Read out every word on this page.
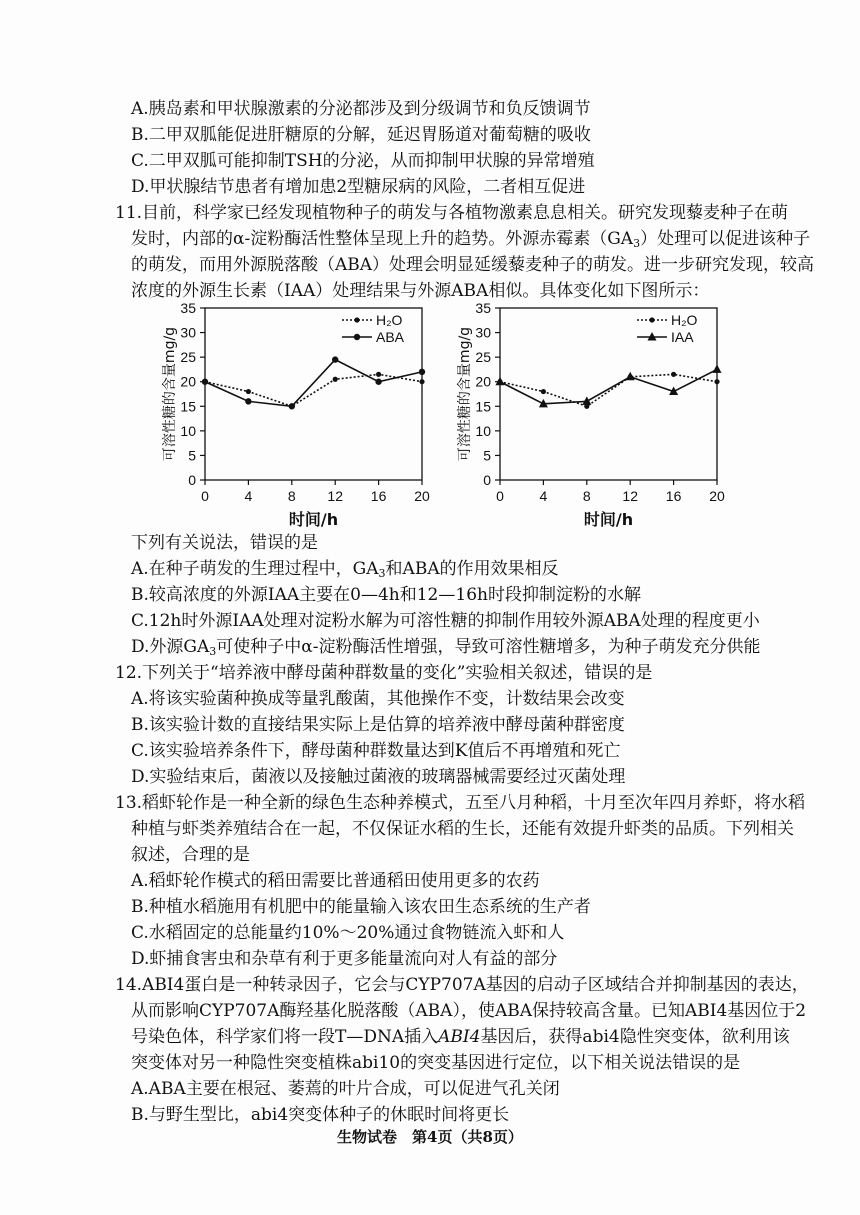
A.胰岛素和甲状腺激素的分泌都涉及到分级调节和负反馈调节
B.二甲双胍能促进肝糖原的分解，延迟胃肠道对葡萄糖的吸收
C.二甲双胍可能抑制TSH的分泌，从而抑制甲状腺的异常增殖
D.甲状腺结节患者有增加患2型糖尿病的风险，二者相互促进
11.目前，科学家已经发现植物种子的萌发与各植物激素息息相关。研究发现藜麦种子在萌
发时，内部的α-淀粉酶活性整体呈现上升的趋势。外源赤霉素$(GA_3)$处理可以促进该种子
的萌发，而用外源脱落酸（ABA）处理会明显延缓藜麦种子的萌发。进一步研究发现，较高
浓度的外源生长素（IAA）处理结果与外源ABA相似。具体变化如下图所示：
0
5
10
15
20
25
30
35
0	4	8 12 16 20
时间/h
可溶性糖的含量mg/g
H₂O
ABA
0
5
10
15
20
25
30
35
0	4	8 12 16 20
时间/h
可溶性糖的含量mg/g
H₂O
IAA
下列有关说法，错误的是
A.在种子萌发的生理过程中，$GA_3$和ABA的作用效果相反
B.较高浓度的外源IAA主要在0—4h和12—16h时段抑制淀粉的水解
C.12h时外源IAA处理对淀粉水解为可溶性糖的抑制作用较外源ABA处理的程度更小
D.外源$GA_3$可使种子中α-淀粉酶活性增强，导致可溶性糖增多，为种子萌发充分供能
12.下列关于“培养液中酵母菌种群数量的变化”实验相关叙述，错误的是
A.将该实验菌种换成等量乳酸菌，其他操作不变，计数结果会改变
B.该实验计数的直接结果实际上是估算的培养液中酵母菌种群密度
C.该实验培养条件下，酵母菌种群数量达到K值后不再增殖和死亡
D.实验结束后，菌液以及接触过菌液的玻璃器械需要经过灭菌处理
13.稻虾轮作是一种全新的绿色生态种养模式，五至八月种稻，十月至次年四月养虾，将水稻
种植与虾类养殖结合在一起，不仅保证水稻的生长，还能有效提升虾类的品质。下列相关
叙述，合理的是
A.稻虾轮作模式的稻田需要比普通稻田使用更多的农药
B.种植水稻施用有机肥中的能量输入该农田生态系统的生产者
C.水稻固定的总能量约10%～20%通过食物链流入虾和人
D.虾捕食害虫和杂草有利于更多能量流向对人有益的部分
14.ABI4蛋白是一种转录因子，它会与CYP707A基因的启动子区域结合并抑制基因的表达，
从而影响CYP707A酶羟基化脱落酸（ABA），使ABA保持较高含量。已知ABI4基因位于2
号染色体，科学家们将一段T—DNA插入ABI4基因后，获得abi4隐性突变体，欲利用该
突变体对另一种隐性突变植株abi10的突变基因进行定位，以下相关说法错误的是
A.ABA主要在根冠、萎蔫的叶片合成，可以促进气孔关闭
B.与野生型比，abi4突变体种子的休眠时间将更长
生物试卷　第4页（共8页）
